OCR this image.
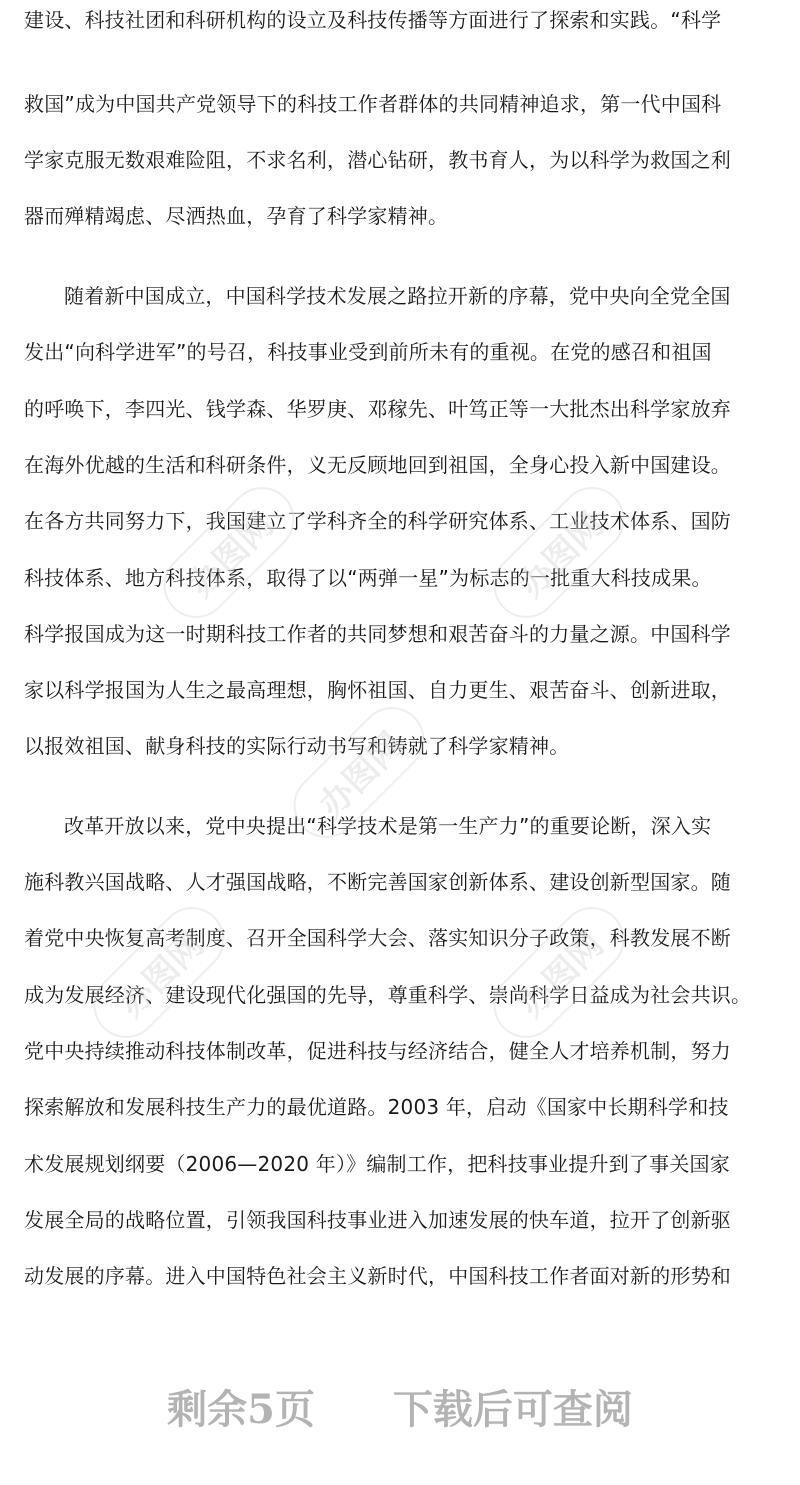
建设、科技社团和科研机构的设立及科技传播等方面进行了探索和实践。“科学
救国”成为中国共产党领导下的科技工作者群体的共同精神追求，第一代中国科
学家克服无数艰难险阻，不求名利，潜心钻研，教书育人，为以科学为救国之利
器而殚精竭虑、尽洒热血，孕育了科学家精神。
随着新中国成立，中国科学技术发展之路拉开新的序幕，党中央向全党全国
发出“向科学进军”的号召，科技事业受到前所未有的重视。在党的感召和祖国
的呼唤下，李四光、钱学森、华罗庚、邓稼先、叶笃正等一大批杰出科学家放弃
在海外优越的生活和科研条件，义无反顾地回到祖国，全身心投入新中国建设。
在各方共同努力下，我国建立了学科齐全的科学研究体系、工业技术体系、国防
科技体系、地方科技体系，取得了以“两弹一星”为标志的一批重大科技成果。
科学报国成为这一时期科技工作者的共同梦想和艰苦奋斗的力量之源。中国科学
家以科学报国为人生之最高理想，胸怀祖国、自力更生、艰苦奋斗、创新进取，
以报效祖国、献身科技的实际行动书写和铸就了科学家精神。
改革开放以来，党中央提出“科学技术是第一生产力”的重要论断，深入实
施科教兴国战略、人才强国战略，不断完善国家创新体系、建设创新型国家。随
着党中央恢复高考制度、召开全国科学大会、落实知识分子政策，科教发展不断
成为发展经济、建设现代化强国的先导，尊重科学、崇尚科学日益成为社会共识。
党中央持续推动科技体制改革，促进科技与经济结合，健全人才培养机制，努力
探索解放和发展科技生产力的最优道路。2003 年，启动《国家中长期科学和技
术发展规划纲要（2006—2020 年）》编制工作，把科技事业提升到了事关国家
发展全局的战略位置，引领我国科技事业进入加速发展的快车道，拉开了创新驱
动发展的序幕。进入中国特色社会主义新时代，中国科技工作者面对新的形势和
办图网	办图网
办图网
办图网	办图网
剩余5页 下载后可查阅
